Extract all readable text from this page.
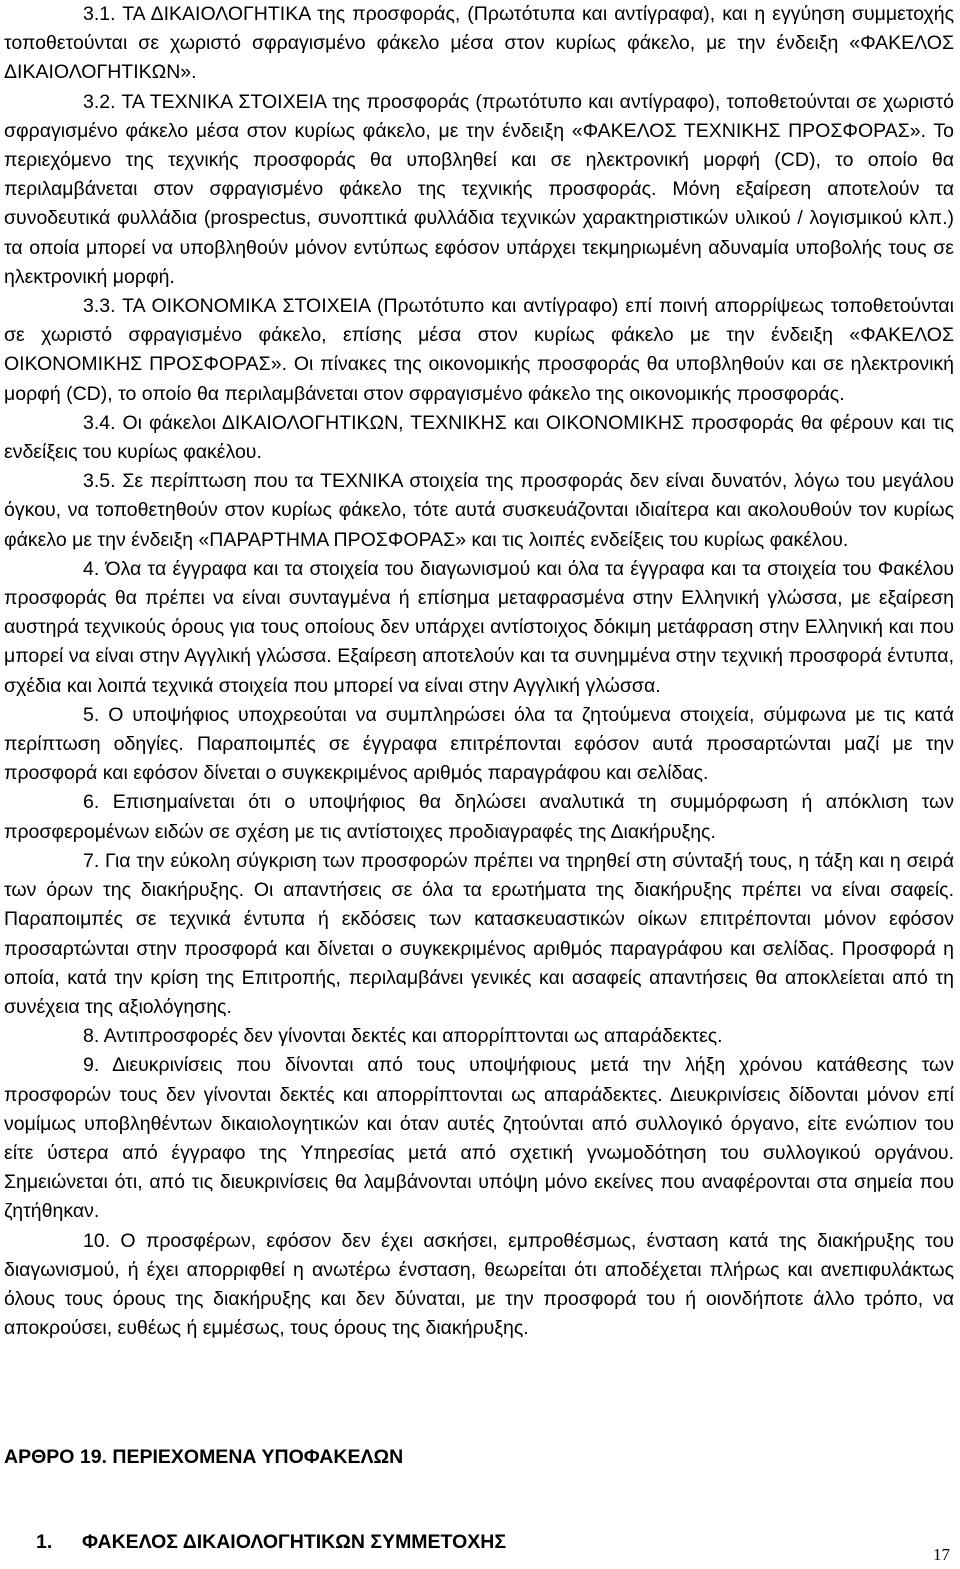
3.1. ΤΑ ΔΙΚΑΙΟΛΟΓΗΤΙΚΑ της προσφοράς, (Πρωτότυπα και αντίγραφα), και η εγγύηση συμμετοχής τοποθετούνται σε χωριστό σφραγισμένο φάκελο μέσα στον κυρίως φάκελο, με την ένδειξη «ΦΑΚΕΛΟΣ ΔΙΚΑΙΟΛΟΓΗΤΙΚΩΝ».

3.2. ΤΑ ΤΕΧΝΙΚΑ ΣΤΟΙΧΕΙΑ της προσφοράς (πρωτότυπο και αντίγραφο), τοποθετούνται σε χωριστό σφραγισμένο φάκελο μέσα στον κυρίως φάκελο, με την ένδειξη «ΦΑΚΕΛΟΣ ΤΕΧΝΙΚΗΣ ΠΡΟΣΦΟΡΑΣ». Το περιεχόμενο της τεχνικής προσφοράς θα υποβληθεί και σε ηλεκτρονική μορφή (CD), το οποίο θα περιλαμβάνεται στον σφραγισμένο φάκελο της τεχνικής προσφοράς. Μόνη εξαίρεση αποτελούν τα συνοδευτικά φυλλάδια (prospectus, συνοπτικά φυλλάδια τεχνικών χαρακτηριστικών υλικού / λογισμικού κλπ.) τα οποία μπορεί να υποβληθούν μόνον εντύπως εφόσον υπάρχει τεκμηριωμένη αδυναμία υποβολής τους σε ηλεκτρονική μορφή.

3.3. ΤΑ ΟΙΚΟΝΟΜΙΚΑ ΣΤΟΙΧΕΙΑ (Πρωτότυπο και αντίγραφο) επί ποινή απορρίψεως τοποθετούνται σε χωριστό σφραγισμένο φάκελο, επίσης μέσα στον κυρίως φάκελο με την ένδειξη «ΦΑΚΕΛΟΣ ΟΙΚΟΝΟΜΙΚΗΣ ΠΡΟΣΦΟΡΑΣ». Οι πίνακες της οικονομικής προσφοράς θα υποβληθούν και σε ηλεκτρονική μορφή (CD), το οποίο θα περιλαμβάνεται στον σφραγισμένο φάκελο της οικονομικής προσφοράς.

3.4. Οι φάκελοι ΔΙΚΑΙΟΛΟΓΗΤΙΚΩΝ, ΤΕΧΝΙΚΗΣ και ΟΙΚΟΝΟΜΙΚΗΣ προσφοράς θα φέρουν και τις ενδείξεις του κυρίως φακέλου.

3.5. Σε περίπτωση που τα ΤΕΧΝΙΚΑ στοιχεία της προσφοράς δεν είναι δυνατόν, λόγω του μεγάλου όγκου, να τοποθετηθούν στον κυρίως φάκελο, τότε αυτά συσκευάζονται ιδιαίτερα και ακολουθούν τον κυρίως φάκελο με την ένδειξη «ΠΑΡΑΡΤΗΜΑ ΠΡΟΣΦΟΡΑΣ» και τις λοιπές ενδείξεις του κυρίως φακέλου.

4. Όλα τα έγγραφα και τα στοιχεία του διαγωνισμού και όλα τα έγγραφα και τα στοιχεία του Φακέλου προσφοράς θα πρέπει να είναι συνταγμένα ή επίσημα μεταφρασμένα στην Ελληνική γλώσσα, με εξαίρεση αυστηρά τεχνικούς όρους για τους οποίους δεν υπάρχει αντίστοιχος δόκιμη μετάφραση στην Ελληνική και που μπορεί να είναι στην Αγγλική γλώσσα. Εξαίρεση αποτελούν και τα συνημμένα στην τεχνική προσφορά έντυπα, σχέδια και λοιπά τεχνικά στοιχεία που μπορεί να είναι στην Αγγλική γλώσσα.

5. Ο υποψήφιος υποχρεούται να συμπληρώσει όλα τα ζητούμενα στοιχεία, σύμφωνα με τις κατά περίπτωση οδηγίες. Παραποιμπές σε έγγραφα επιτρέπονται εφόσον αυτά προσαρτώνται μαζί με την προσφορά και εφόσον δίνεται ο συγκεκριμένος αριθμός παραγράφου και σελίδας.

6. Επισημαίνεται ότι ο υποψήφιος θα δηλώσει αναλυτικά τη συμμόρφωση ή απόκλιση των προσφερομένων ειδών σε σχέση με τις αντίστοιχες προδιαγραφές της Διακήρυξης.

7. Για την εύκολη σύγκριση των προσφορών πρέπει να τηρηθεί στη σύνταξή τους, η τάξη και η σειρά των όρων της διακήρυξης. Οι απαντήσεις σε όλα τα ερωτήματα της διακήρυξης πρέπει να είναι σαφείς. Παραποιμπές σε τεχνικά έντυπα ή εκδόσεις των κατασκευαστικών οίκων επιτρέπονται μόνον εφόσον προσαρτώνται στην προσφορά και δίνεται ο συγκεκριμένος αριθμός παραγράφου και σελίδας. Προσφορά η οποία, κατά την κρίση της Επιτροπής, περιλαμβάνει γενικές και ασαφείς απαντήσεις θα αποκλείεται από τη συνέχεια της αξιολόγησης.

8. Αντιπροσφορές δεν γίνονται δεκτές και απορρίπτονται ως απαράδεκτες.

9. Διευκρινίσεις που δίνονται από τους υποψήφιους μετά την λήξη χρόνου κατάθεσης των προσφορών τους δεν γίνονται δεκτές και απορρίπτονται ως απαράδεκτες. Διευκρινίσεις δίδονται μόνον επί νομίμως υποβληθέντων δικαιολογητικών και όταν αυτές ζητούνται από συλλογικό όργανο, είτε ενώπιον του είτε ύστερα από έγγραφο της Υπηρεσίας μετά από σχετική γνωμοδότηση του συλλογικού οργάνου. Σημειώνεται ότι, από τις διευκρινίσεις θα λαμβάνονται υπόψη μόνο εκείνες που αναφέρονται στα σημεία που ζητήθηκαν.

10. Ο προσφέρων, εφόσον δεν έχει ασκήσει, εμπροθέσμως, ένσταση κατά της διακήρυξης του διαγωνισμού, ή έχει απορριφθεί η ανωτέρω ένσταση, θεωρείται ότι αποδέχεται πλήρως και ανεπιφυλάκτως όλους τους όρους της διακήρυξης και δεν δύναται, με την προσφορά του ή οιονδήποτε άλλο τρόπο, να αποκρούσει, ευθέως ή εμμέσως, τους όρους της διακήρυξης.

ΑΡΘΡΟ 19. ΠΕΡΙΕΧΟΜΕΝΑ ΥΠΟΦΑΚΕΛΩΝ

1. ΦΑΚΕΛΟΣ ΔΙΚΑΙΟΛΟΓΗΤΙΚΩΝ ΣΥΜΜΕΤΟΧΗΣ

17
